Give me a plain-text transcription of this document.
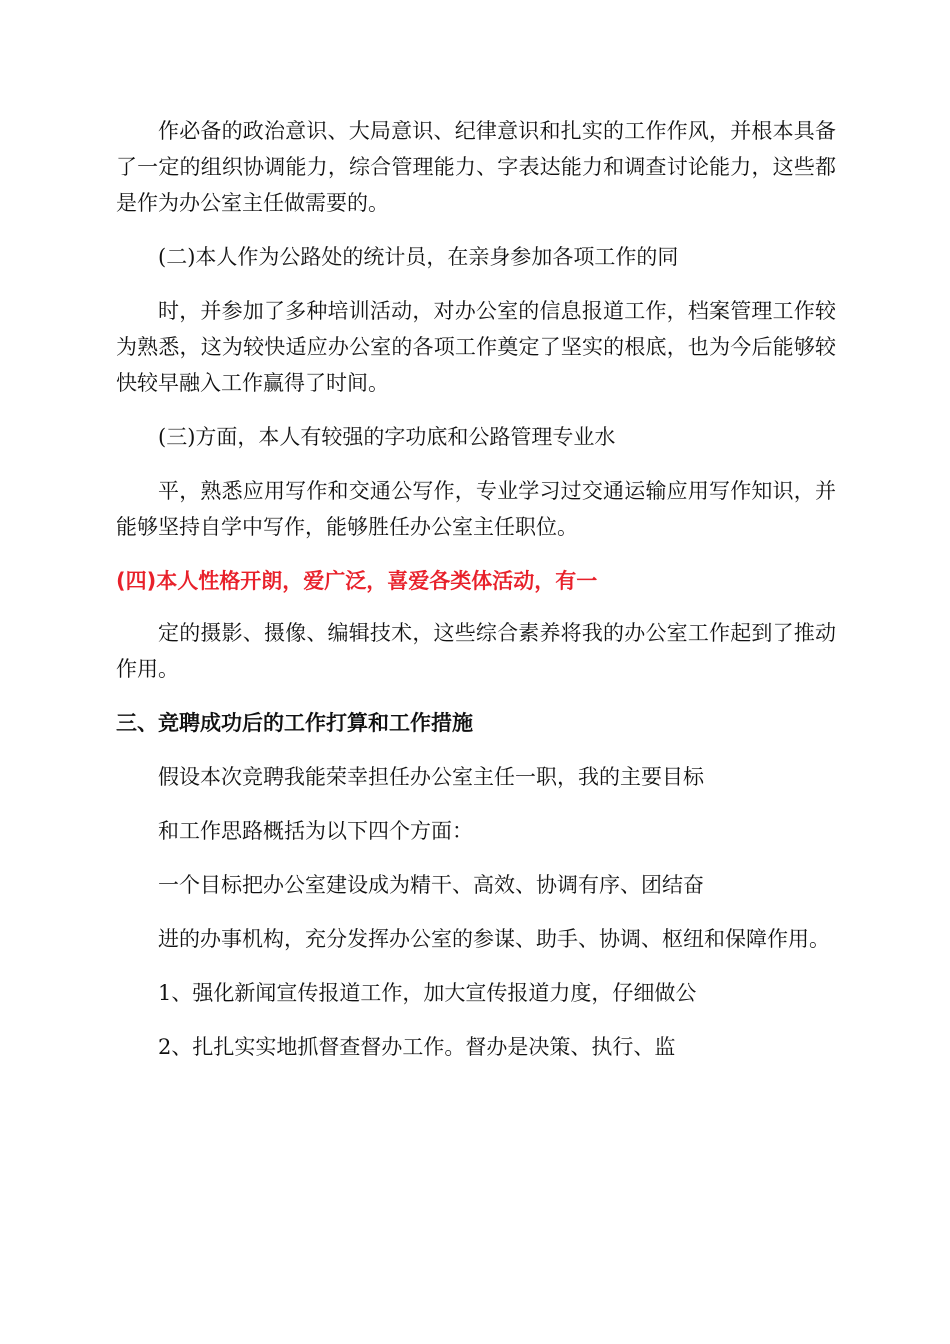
作必备的政治意识、大局意识、纪律意识和扎实的工作作风，并根本具备了一定的组织协调能力，综合管理能力、字表达能力和调查讨论能力，这些都是作为办公室主任做需要的。

(二)本人作为公路处的统计员，在亲身参加各项工作的同

时，并参加了多种培训活动，对办公室的信息报道工作，档案管理工作较为熟悉，这为较快适应办公室的各项工作奠定了坚实的根底，也为今后能够较快较早融入工作赢得了时间。

(三)方面，本人有较强的字功底和公路管理专业水

平，熟悉应用写作和交通公写作，专业学习过交通运输应用写作知识，并能够坚持自学中写作，能够胜任办公室主任职位。

(四)本人性格开朗，爱广泛，喜爱各类体活动，有一

定的摄影、摄像、编辑技术，这些综合素养将我的办公室工作起到了推动作用。

三、竞聘成功后的工作打算和工作措施

假设本次竞聘我能荣幸担任办公室主任一职，我的主要目标

和工作思路概括为以下四个方面：

一个目标把办公室建设成为精干、高效、协调有序、团结奋

进的办事机构，充分发挥办公室的参谋、助手、协调、枢纽和保障作用。

1、强化新闻宣传报道工作，加大宣传报道力度，仔细做公

2、扎扎实实地抓督查督办工作。督办是决策、执行、监
